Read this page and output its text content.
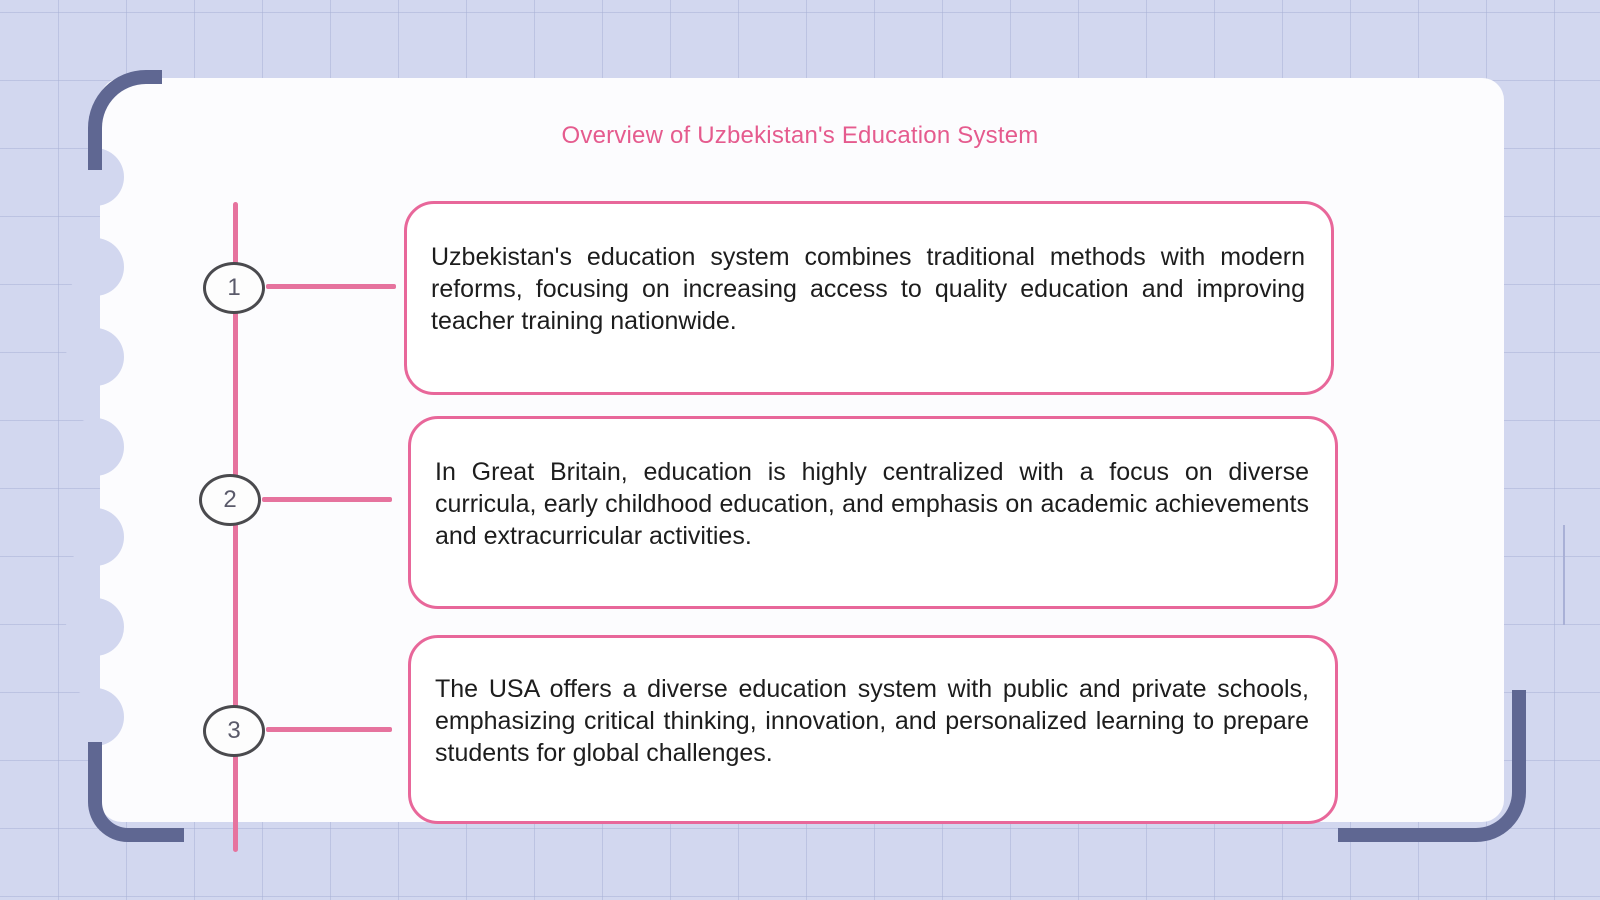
Overview of Uzbekistan's Education System
1

Uzbekistan's education system combines traditional methods with modern reforms, focusing on increasing access to quality education and improving teacher training nationwide.

2

In Great Britain, education is highly centralized with a focus on diverse curricula, early childhood education, and emphasis on academic achievements and extracurricular activities.

3

The USA offers a diverse education system with public and private schools, emphasizing critical thinking, innovation, and personalized learning to prepare students for global challenges.
